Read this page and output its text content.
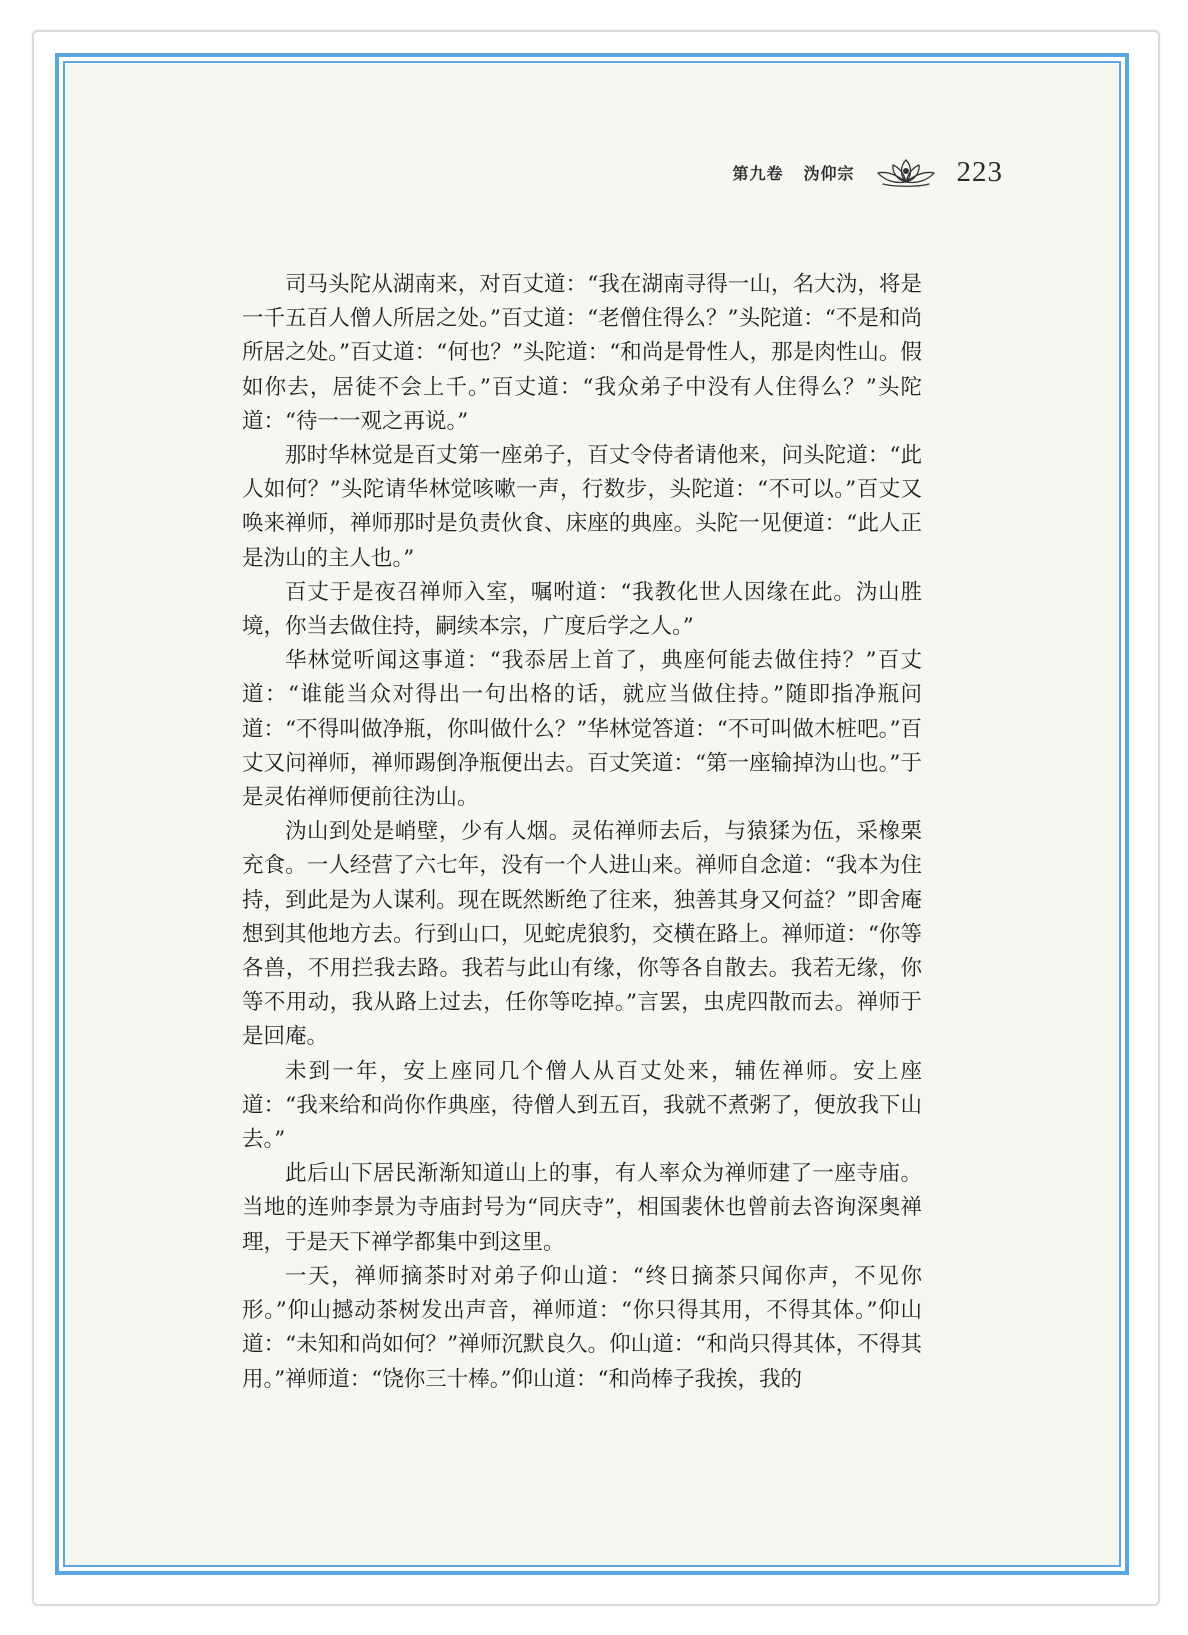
第九卷 沩仰宗	223

司马头陀从湖南来，对百丈道：“我在湖南寻得一山，名大沩，将是一千五百人僧人所居之处。”百丈道：“老僧住得么？”头陀道：“不是和尚所居之处。”百丈道：“何也？”头陀道：“和尚是骨性人，那是肉性山。假如你去，居徒不会上千。”百丈道：“我众弟子中没有人住得么？”头陀道：“待一一观之再说。”

那时华林觉是百丈第一座弟子，百丈令侍者请他来，问头陀道：“此人如何？”头陀请华林觉咳嗽一声，行数步，头陀道：“不可以。”百丈又唤来禅师，禅师那时是负责伙食、床座的典座。头陀一见便道：“此人正是沩山的主人也。”

百丈于是夜召禅师入室，嘱咐道：“我教化世人因缘在此。沩山胜境，你当去做住持，嗣续本宗，广度后学之人。”

华林觉听闻这事道：“我忝居上首了，典座何能去做住持？”百丈道：“谁能当众对得出一句出格的话，就应当做住持。”随即指净瓶问道：“不得叫做净瓶，你叫做什么？”华林觉答道：“不可叫做木桩吧。”百丈又问禅师，禅师踢倒净瓶便出去。百丈笑道：“第一座输掉沩山也。”于是灵佑禅师便前往沩山。

沩山到处是峭壁，少有人烟。灵佑禅师去后，与猿猱为伍，采橡栗充食。一人经营了六七年，没有一个人进山来。禅师自念道：“我本为住持，到此是为人谋利。现在既然断绝了往来，独善其身又何益？”即舍庵想到其他地方去。行到山口，见蛇虎狼豹，交横在路上。禅师道：“你等各兽，不用拦我去路。我若与此山有缘，你等各自散去。我若无缘，你等不用动，我从路上过去，任你等吃掉。”言罢，虫虎四散而去。禅师于是回庵。

未到一年，安上座同几个僧人从百丈处来，辅佐禅师。安上座道：“我来给和尚你作典座，待僧人到五百，我就不煮粥了，便放我下山去。”

此后山下居民渐渐知道山上的事，有人率众为禅师建了一座寺庙。当地的连帅李景为寺庙封号为“同庆寺”，相国裴休也曾前去咨询深奥禅理，于是天下禅学都集中到这里。

一天，禅师摘茶时对弟子仰山道：“终日摘茶只闻你声，不见你形。”仰山撼动茶树发出声音，禅师道：“你只得其用，不得其体。”仰山道：“未知和尚如何？”禅师沉默良久。仰山道：“和尚只得其体，不得其用。”禅师道：“饶你三十棒。”仰山道：“和尚棒子我挨，我的
